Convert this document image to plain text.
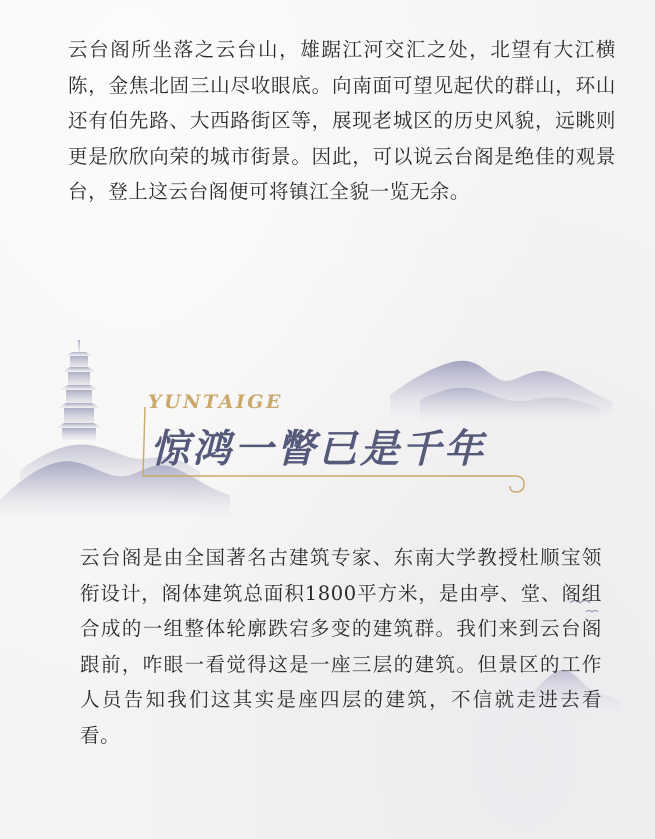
云台阁所坐落之云台山，雄踞江河交汇之处，北望有大江横陈，金焦北固三山尽收眼底。向南面可望见起伏的群山，环山还有伯先路、大西路街区等，展现老城区的历史风貌，远眺则更是欣欣向荣的城市街景。因此，可以说云台阁是绝佳的观景台，登上这云台阁便可将镇江全貌一览无余。

YUNTAIGE
惊鸿一瞥已是千年

云台阁是由全国著名古建筑专家、东南大学教授杜顺宝领衔设计，阁体建筑总面积1800平方米，是由亭、堂、阁组合成的一组整体轮廓跌宕多变的建筑群。我们来到云台阁跟前，咋眼一看觉得这是一座三层的建筑。但景区的工作人员告知我们这其实是座四层的建筑，不信就走进去看看。
